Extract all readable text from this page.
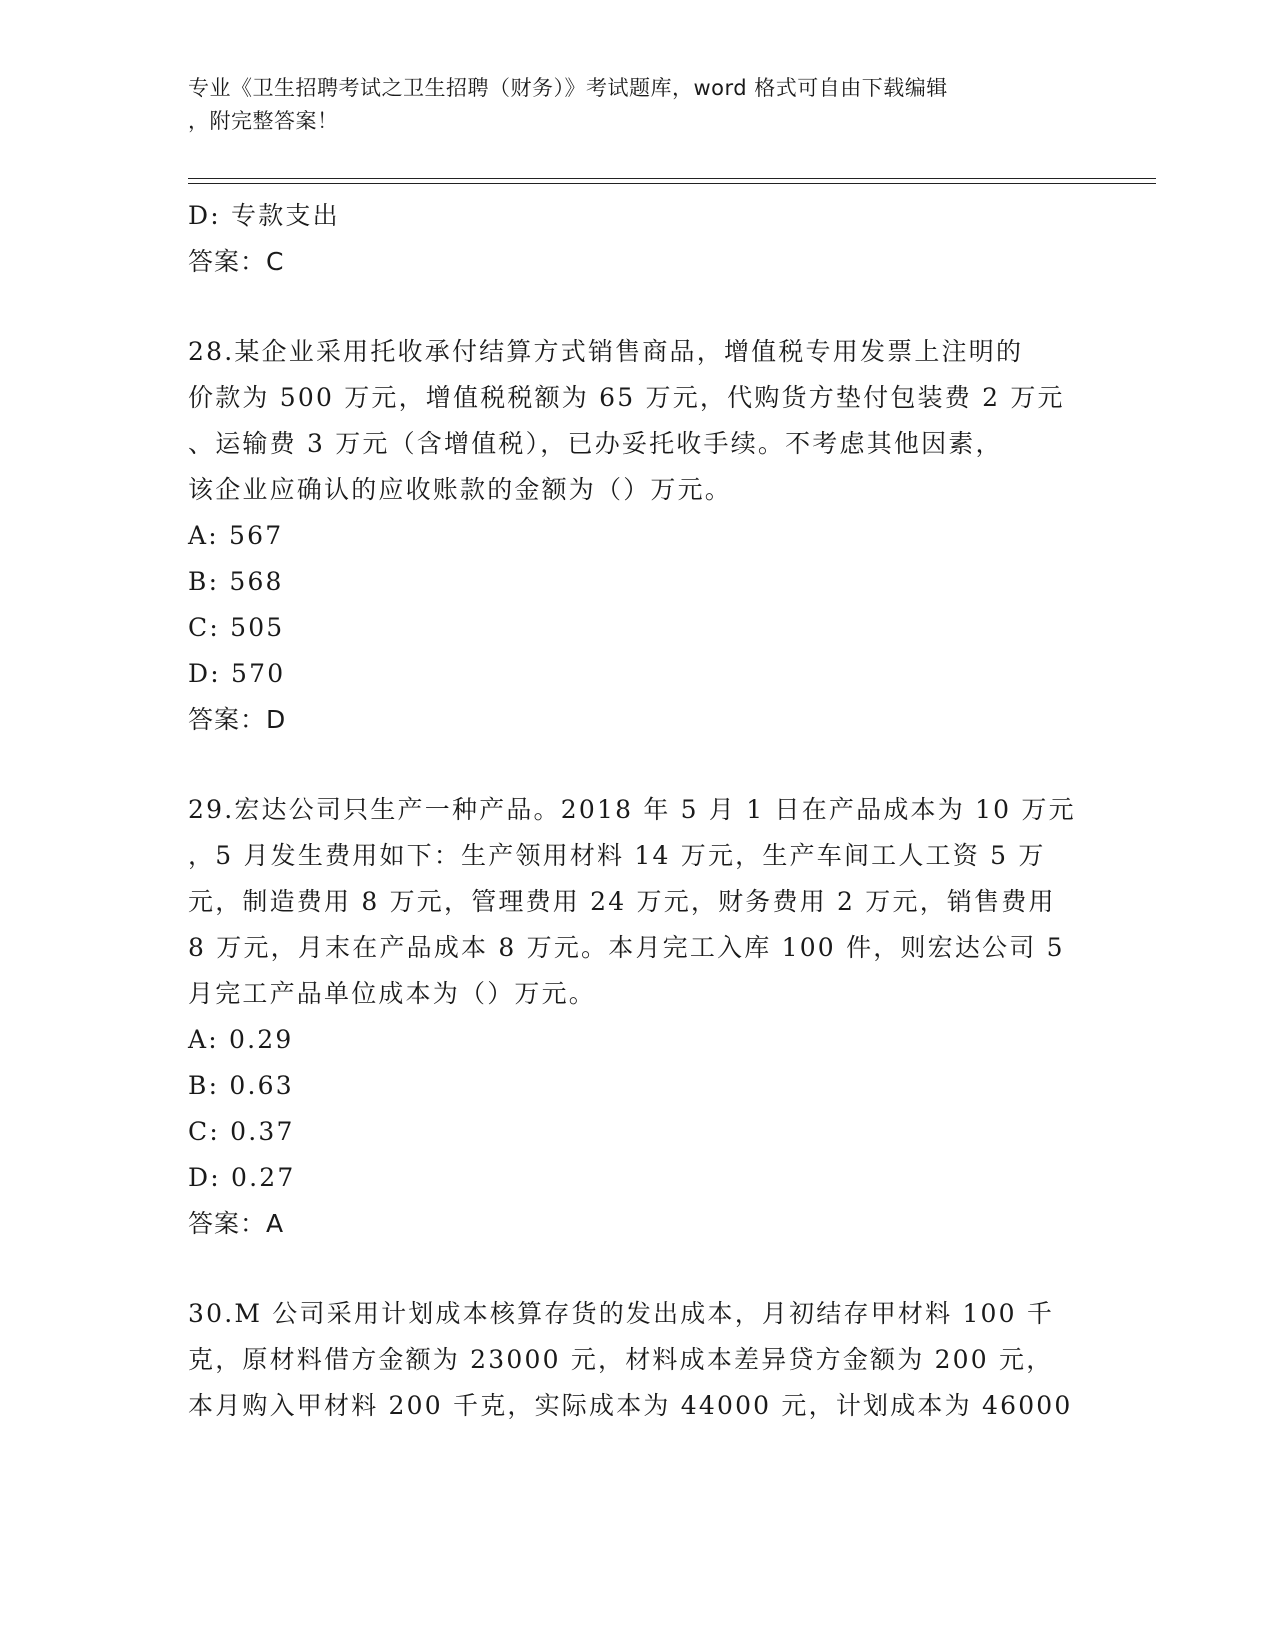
专业《卫生招聘考试之卫生招聘（财务）》考试题库，word 格式可自由下载编辑
，附完整答案！
D: 专款支出
答案：C
28.某企业采用托收承付结算方式销售商品，增值税专用发票上注明的
价款为 500 万元，增值税税额为 65 万元，代购货方垫付包装费 2 万元
、运输费 3 万元（含增值税），已办妥托收手续。不考虑其他因素，
该企业应确认的应收账款的金额为（）万元。
A: 567
B: 568
C: 505
D: 570
答案：D
29.宏达公司只生产一种产品。2018 年 5 月 1 日在产品成本为 10 万元
，5 月发生费用如下：生产领用材料 14 万元，生产车间工人工资 5 万
元，制造费用 8 万元，管理费用 24 万元，财务费用 2 万元，销售费用
8 万元，月末在产品成本 8 万元。本月完工入库 100 件，则宏达公司 5
月完工产品单位成本为（）万元。
A: 0.29
B: 0.63
C: 0.37
D: 0.27
答案：A
30.M 公司采用计划成本核算存货的发出成本，月初结存甲材料 100 千
克，原材料借方金额为 23000 元，材料成本差异贷方金额为 200 元，
本月购入甲材料 200 千克，实际成本为 44000 元，计划成本为 46000
